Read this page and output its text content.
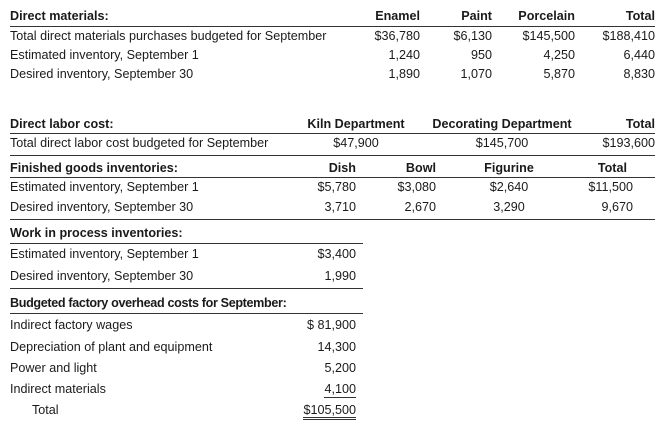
Direct materials:	Enamel	Paint	Porcelain	Total
Total direct materials purchases budgeted for September	$36,780	$6,130	$145,500	$188,410
Estimated inventory, September 1	1,240	950	4,250	6,440
Desired inventory, September 30	1,890	1,070	5,870	8,830
Direct labor cost:	Kiln Department	Decorating Department	Total
Total direct labor cost budgeted for September	$47,900	$145,700	$193,600
Finished goods inventories:	Dish	Bowl	Figurine	Total
Estimated inventory, September 1	$5,780	$3,080	$2,640	$11,500
Desired inventory, September 30	3,710	2,670	3,290	9,670
Work in process inventories:
Estimated inventory, September 1	$3,400
Desired inventory, September 30	1,990
Budgeted factory overhead costs for September:
Indirect factory wages	$ 81,900
Depreciation of plant and equipment	14,300
Power and light	5,200
Indirect materials	4,100
Total	$105,500
